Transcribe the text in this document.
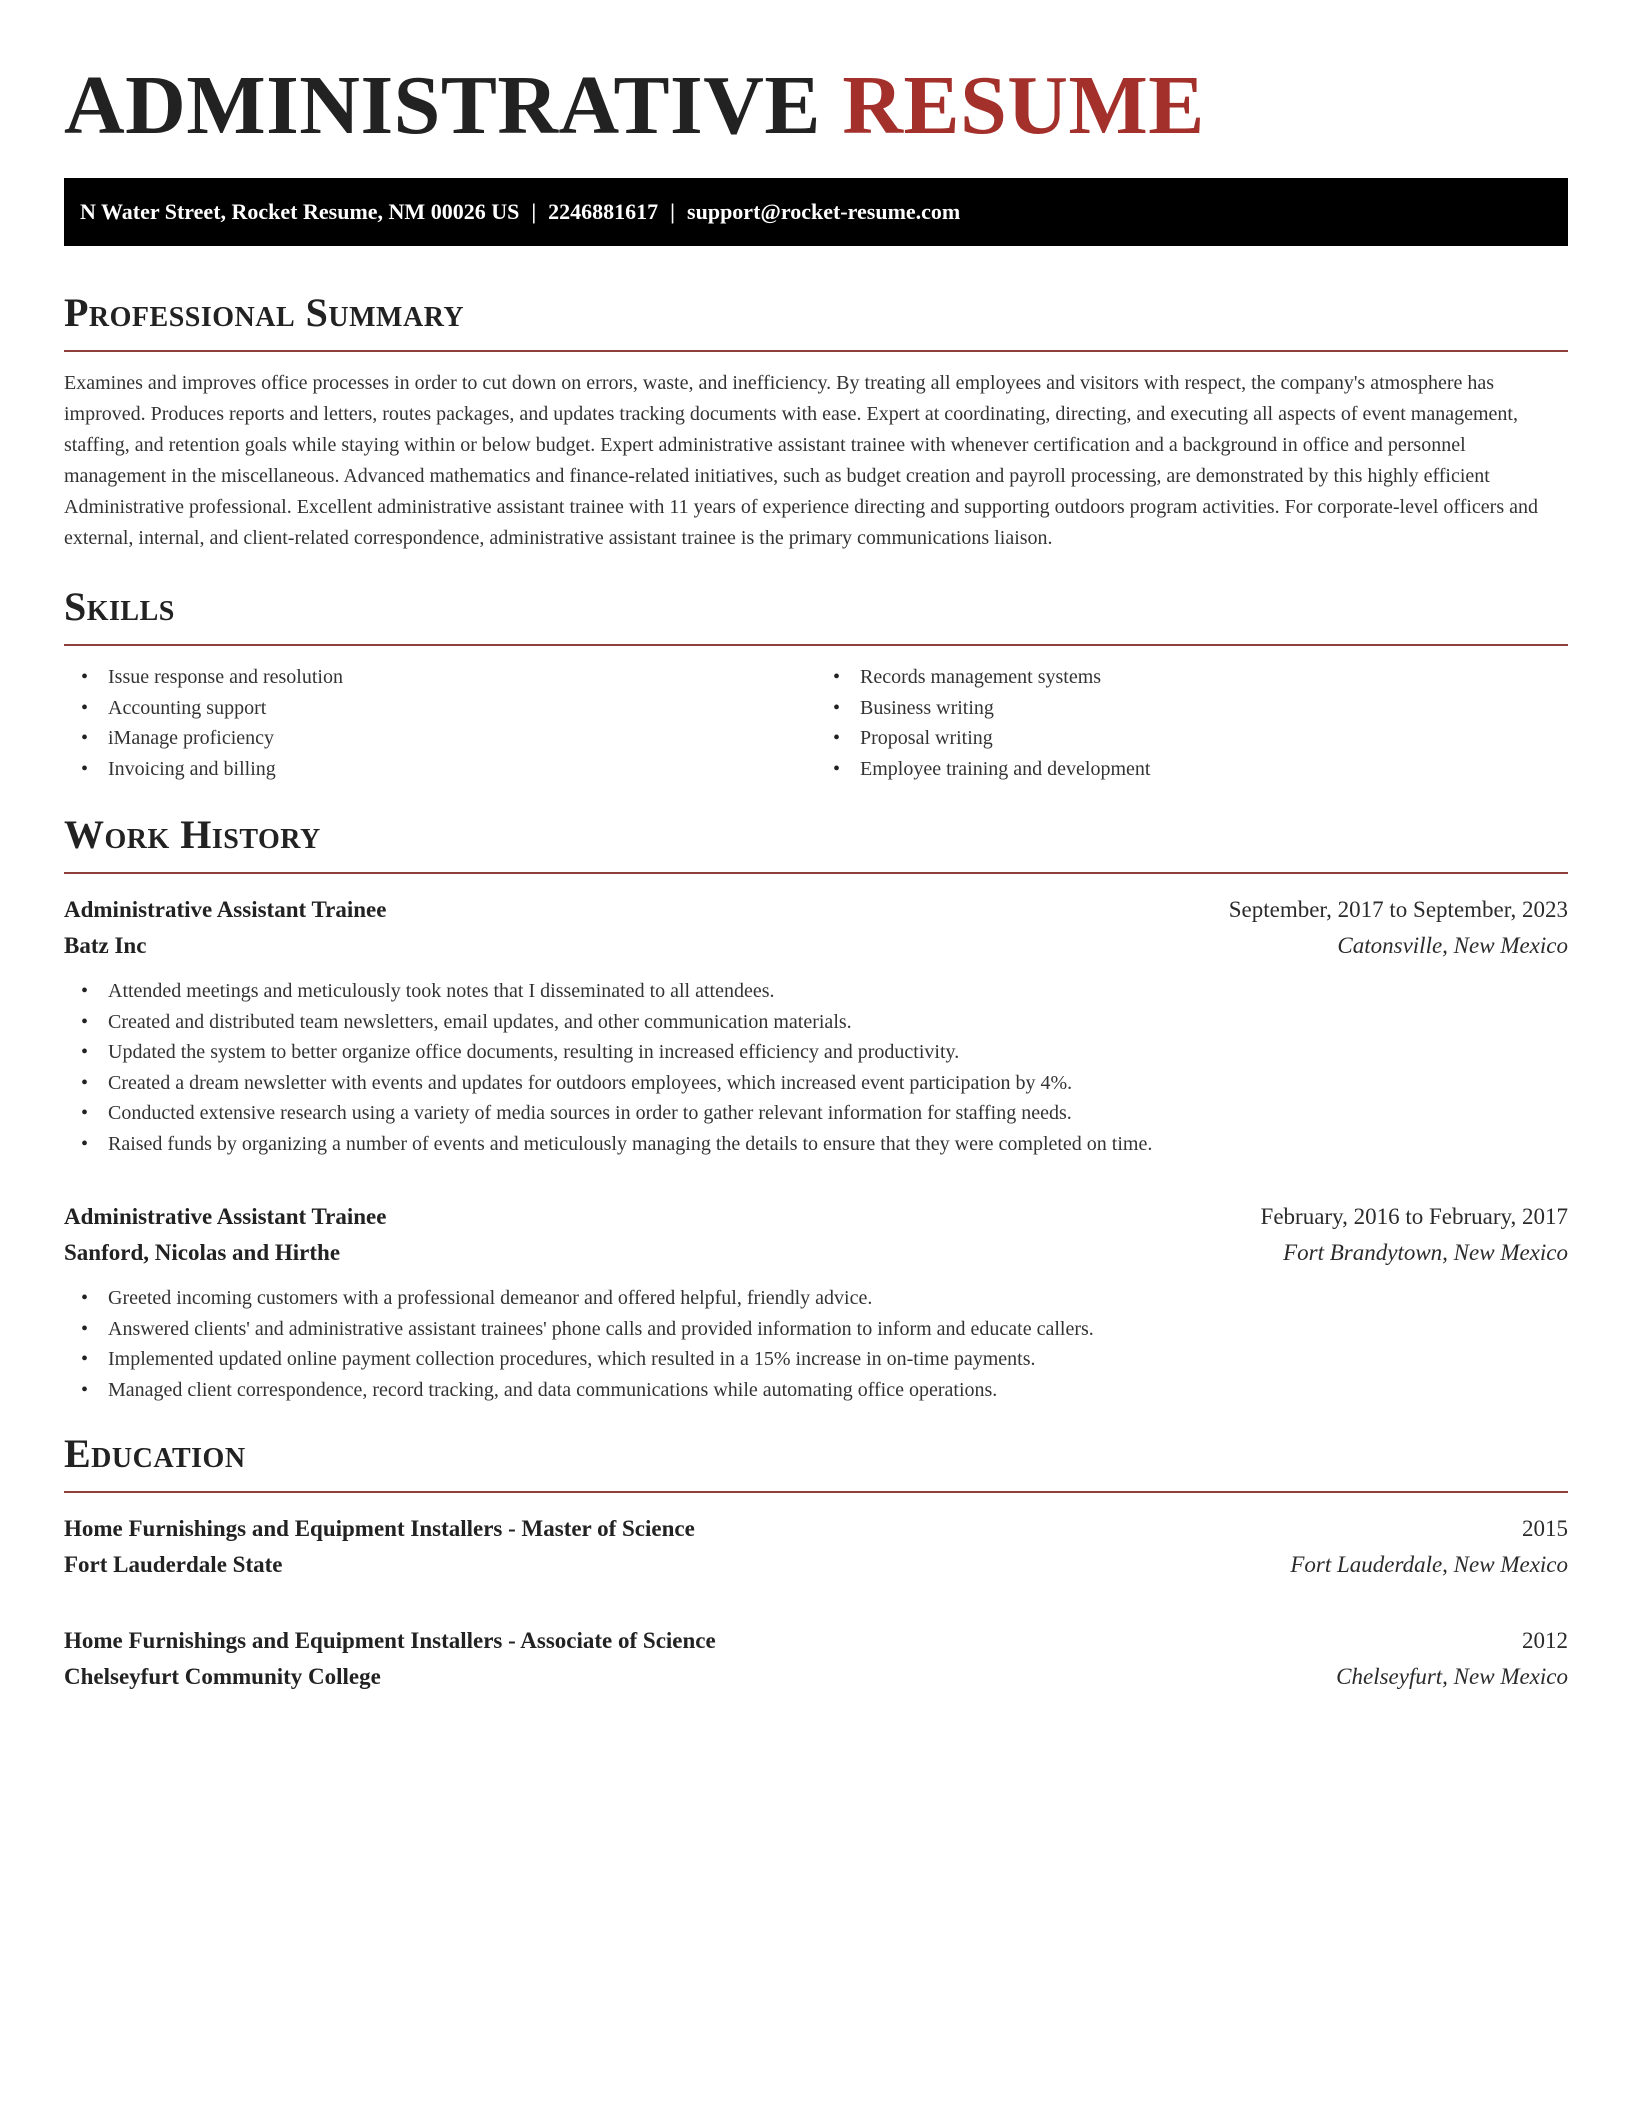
ADMINISTRATIVE RESUME
N Water Street, Rocket Resume, NM 00026 US | 2246881617 | support@rocket-resume.com
Professional Summary

Examines and improves office processes in order to cut down on errors, waste, and inefficiency. By treating all employees and visitors with respect, the company's atmosphere has improved. Produces reports and letters, routes packages, and updates tracking documents with ease. Expert at coordinating, directing, and executing all aspects of event management, staffing, and retention goals while staying within or below budget. Expert administrative assistant trainee with whenever certification and a background in office and personnel management in the miscellaneous. Advanced mathematics and finance-related initiatives, such as budget creation and payroll processing, are demonstrated by this highly efficient Administrative professional. Excellent administrative assistant trainee with 11 years of experience directing and supporting outdoors program activities. For corporate-level officers and external, internal, and client-related correspondence, administrative assistant trainee is the primary communications liaison.

Skills
• Issue response and resolution
• Accounting support
• iManage proficiency
• Invoicing and billing
• Records management systems
• Business writing
• Proposal writing
• Employee training and development
Work History
Administrative Assistant Trainee	September, 2017 to September, 2023
Batz Inc	Catonsville, New Mexico
• Attended meetings and meticulously took notes that I disseminated to all attendees.
• Created and distributed team newsletters, email updates, and other communication materials.
• Updated the system to better organize office documents, resulting in increased efficiency and productivity.
• Created a dream newsletter with events and updates for outdoors employees, which increased event participation by 4%.
• Conducted extensive research using a variety of media sources in order to gather relevant information for staffing needs.
• Raised funds by organizing a number of events and meticulously managing the details to ensure that they were completed on time.
Administrative Assistant Trainee	February, 2016 to February, 2017
Sanford, Nicolas and Hirthe	Fort Brandytown, New Mexico
• Greeted incoming customers with a professional demeanor and offered helpful, friendly advice.
• Answered clients' and administrative assistant trainees' phone calls and provided information to inform and educate callers.
• Implemented updated online payment collection procedures, which resulted in a 15% increase in on-time payments.
• Managed client correspondence, record tracking, and data communications while automating office operations.
Education
Home Furnishings and Equipment Installers - Master of Science	2015
Fort Lauderdale State	Fort Lauderdale, New Mexico
Home Furnishings and Equipment Installers - Associate of Science	2012
Chelseyfurt Community College	Chelseyfurt, New Mexico
